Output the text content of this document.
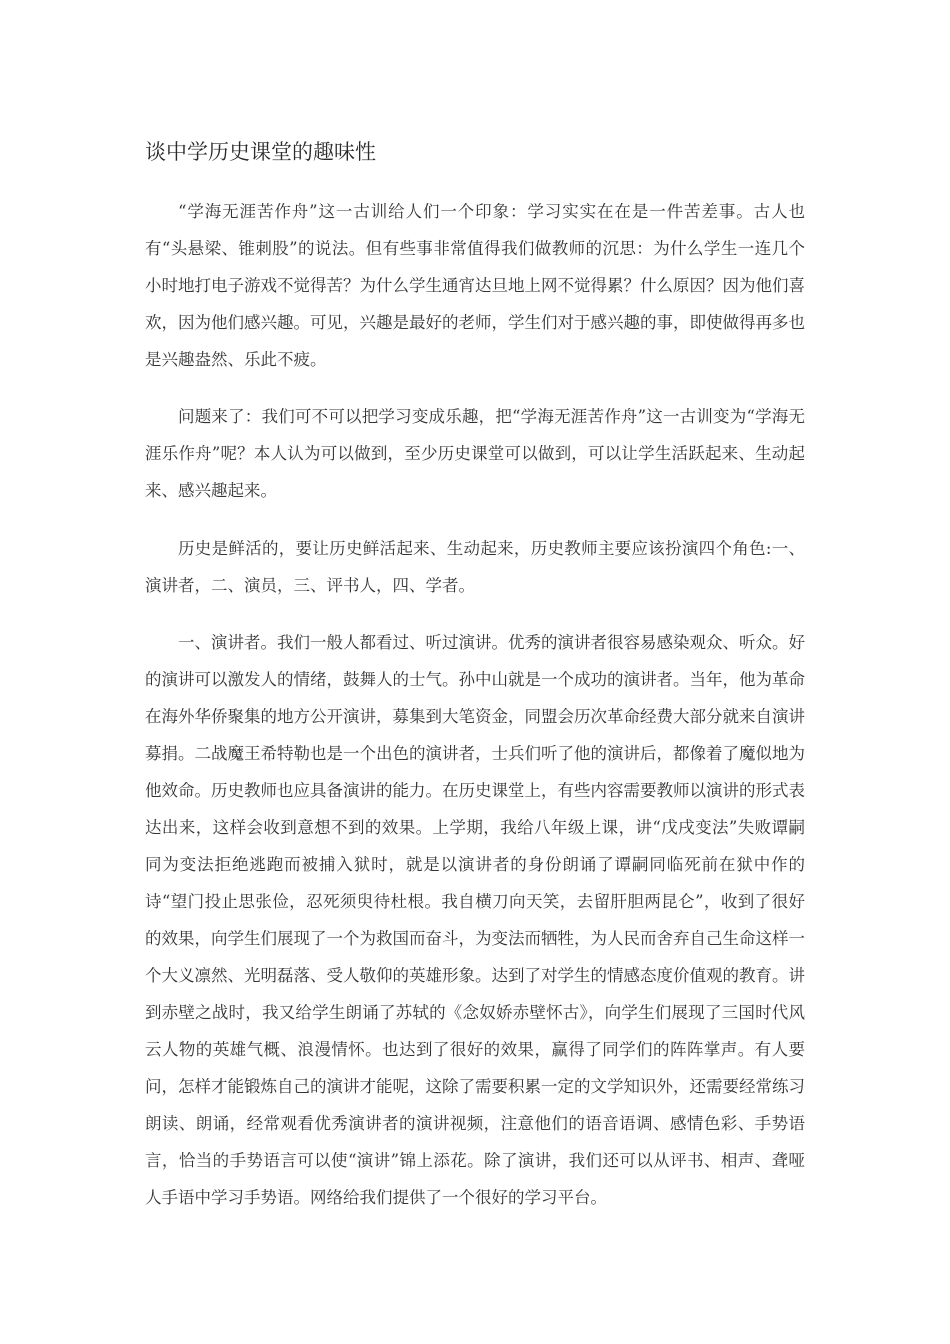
谈中学历史课堂的趣味性

“学海无涯苦作舟”这一古训给人们一个印象：学习实实在在是一件苦差事。古人也有“头悬梁、锥刺股”的说法。但有些事非常值得我们做教师的沉思：为什么学生一连几个小时地打电子游戏不觉得苦？为什么学生通宵达旦地上网不觉得累？什么原因？因为他们喜欢，因为他们感兴趣。可见，兴趣是最好的老师，学生们对于感兴趣的事，即使做得再多也是兴趣盎然、乐此不疲。

问题来了：我们可不可以把学习变成乐趣，把“学海无涯苦作舟”这一古训变为“学海无涯乐作舟”呢？本人认为可以做到，至少历史课堂可以做到，可以让学生活跃起来、生动起来、感兴趣起来。

历史是鲜活的，要让历史鲜活起来、生动起来，历史教师主要应该扮演四个角色:一、演讲者，二、演员，三、评书人，四、学者。

一、演讲者。我们一般人都看过、听过演讲。优秀的演讲者很容易感染观众、听众。好的演讲可以激发人的情绪，鼓舞人的士气。孙中山就是一个成功的演讲者。当年，他为革命在海外华侨聚集的地方公开演讲，募集到大笔资金，同盟会历次革命经费大部分就来自演讲募捐。二战魔王希特勒也是一个出色的演讲者，士兵们听了他的演讲后，都像着了魔似地为他效命。历史教师也应具备演讲的能力。在历史课堂上，有些内容需要教师以演讲的形式表达出来，这样会收到意想不到的效果。上学期，我给八年级上课，讲“戊戌变法”失败谭嗣同为变法拒绝逃跑而被捕入狱时，就是以演讲者的身份朗诵了谭嗣同临死前在狱中作的诗“望门投止思张俭，忍死须臾待杜根。我自横刀向天笑，去留肝胆两昆仑”，收到了很好的效果，向学生们展现了一个为救国而奋斗，为变法而牺牲，为人民而舍弃自己生命这样一个大义凛然、光明磊落、受人敬仰的英雄形象。达到了对学生的情感态度价值观的教育。讲到赤壁之战时，我又给学生朗诵了苏轼的《念奴娇赤壁怀古》，向学生们展现了三国时代风云人物的英雄气概、浪漫情怀。也达到了很好的效果，赢得了同学们的阵阵掌声。有人要问，怎样才能锻炼自己的演讲才能呢，这除了需要积累一定的文学知识外，还需要经常练习朗读、朗诵，经常观看优秀演讲者的演讲视频，注意他们的语音语调、感情色彩、手势语言，恰当的手势语言可以使“演讲”锦上添花。除了演讲，我们还可以从评书、相声、聋哑人手语中学习手势语。网络给我们提供了一个很好的学习平台。
